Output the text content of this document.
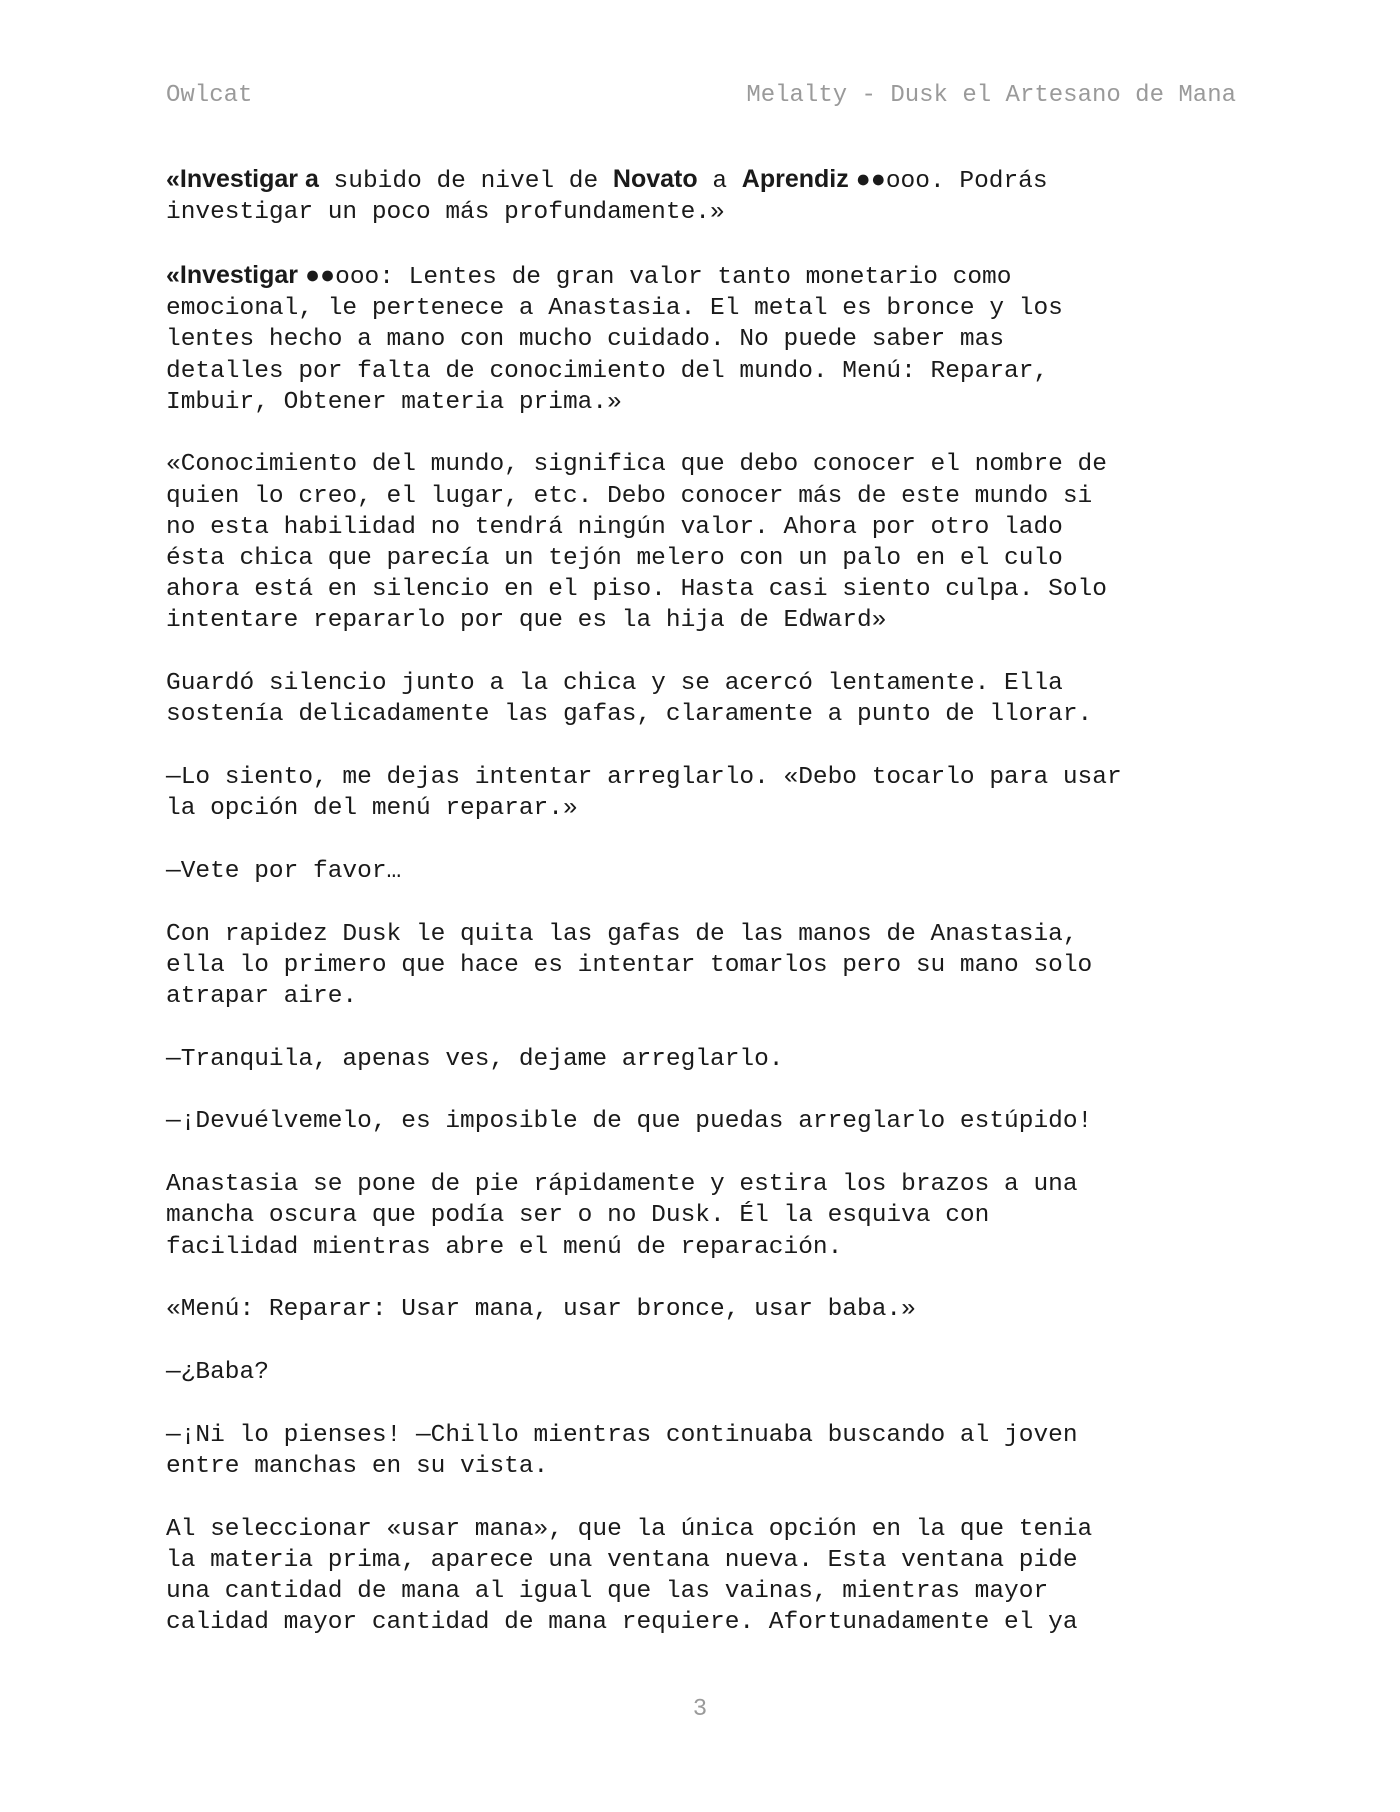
Owlcat	Melalty - Dusk el Artesano de Mana
«Investigar a subido de nivel de Novato a Aprendiz ●●ooo. Podrás
investigar un poco más profundamente.»
«Investigar ●●ooo: Lentes de gran valor tanto monetario como
emocional, le pertenece a Anastasia. El metal es bronce y los
lentes hecho a mano con mucho cuidado. No puede saber mas
detalles por falta de conocimiento del mundo. Menú: Reparar,
Imbuir, Obtener materia prima.»
«Conocimiento del mundo, significa que debo conocer el nombre de
quien lo creo, el lugar, etc. Debo conocer más de este mundo si
no esta habilidad no tendrá ningún valor. Ahora por otro lado
ésta chica que parecía un tejón melero con un palo en el culo
ahora está en silencio en el piso. Hasta casi siento culpa. Solo
intentare repararlo por que es la hija de Edward»
Guardó silencio junto a la chica y se acercó lentamente. Ella
sostenía delicadamente las gafas, claramente a punto de llorar.
—Lo siento, me dejas intentar arreglarlo. «Debo tocarlo para usar
la opción del menú reparar.»
—Vete por favor…
Con rapidez Dusk le quita las gafas de las manos de Anastasia,
ella lo primero que hace es intentar tomarlos pero su mano solo
atrapar aire.
—Tranquila, apenas ves, dejame arreglarlo.
—¡Devuélvemelo, es imposible de que puedas arreglarlo estúpido!
Anastasia se pone de pie rápidamente y estira los brazos a una
mancha oscura que podía ser o no Dusk. Él la esquiva con
facilidad mientras abre el menú de reparación.
«Menú: Reparar: Usar mana, usar bronce, usar baba.»
—¿Baba?
—¡Ni lo pienses! —Chillo mientras continuaba buscando al joven
entre manchas en su vista.
Al seleccionar «usar mana», que la única opción en la que tenia
la materia prima, aparece una ventana nueva. Esta ventana pide
una cantidad de mana al igual que las vainas, mientras mayor
calidad mayor cantidad de mana requiere. Afortunadamente el ya
3
